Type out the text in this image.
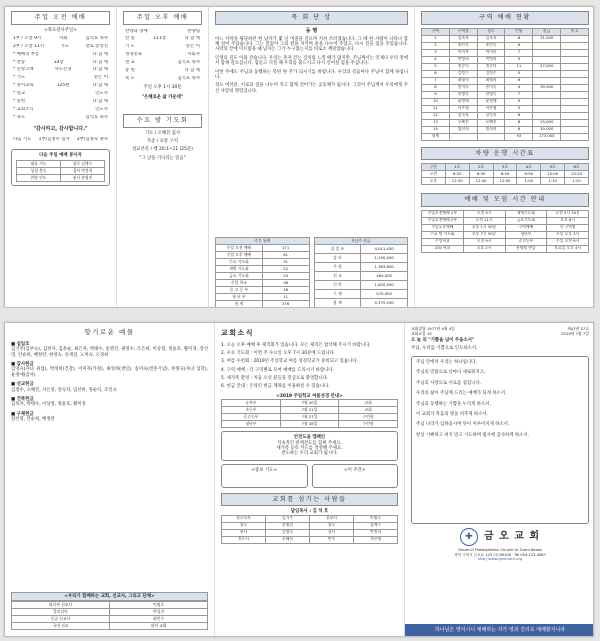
주일 오전 예배
<목요강사주일>
1부 / 오전 9시	사회	김석호 목사
2부 / 오전 11시	기도	장로 송영진
* 예배의 부름	다 함 께
* 찬송	33장	다 함 께
* 신앙고백	사도신경	다 함 께
* 기도	맡은 이
* 성시교독	125편	다 함 께
* 설교	인도자
* 봉헌	다 함 께
* 교회소식	인도자
* 축도	김석호 목사
"감사하고, 감사합니다."
다음 기도 1부/김정수 집사 2부/김명숙 권사
다음 주일 예배 봉사자
대표 기도	장로 김예수
성경 봉독	집사 박정희
찬양 인도	권사 송영진
주일 오후 예배
찬양과 경배	찬양팀
찬 송	111장	다 함 께
기 도	맡은 이
성경봉독	사회자
설 교	김석호 목사
봉 헌	다 함 께
축 도	김석호 목사
주일 오후 1시 30분
"은혜로운 삶 가운데"
수요 밤 기도회
기도 / 오혜진 집사
특송 / 보통 구역
설교본문 / 행 20:1~11 (25분)
"그 날을 기다리는 믿음"
목 회 단 상
동 행

어느 사막을 횡단하던 한 남자가 몇 날 며칠을 걸으며 지쳐 쓰러졌습니다. 그 때 한 사람이 나타나 함께 걸어 주었습니다. 그는 말없이 그의 곁을 지키며 물을 나누어 주었고, 다시 걸을 힘을 주었습니다. 사막의 끝에 이르렀을 때 남자는 그가 누구였는지를 비로소 깨달았습니다.

인생의 길도 이와 같습니다. 우리는 혼자 걷는 것처럼 느낄 때가 많지만, 주님께서는 언제나 우리 곁에서 함께 걸으십니다. 힘들고 지칠 때 우리를 붙드시고 다시 일어설 힘을 주십니다.

이번 주에도 주님과 동행하는 복된 한 주가 되시기를 바랍니다. 우리의 걸음마다 주님이 함께 하십니다.

성도 여러분, 서로의 짐을 나누어 지고 함께 걸어가는 공동체가 됩시다. 그것이 주님께서 우리에게 주신 사랑의 명령입니다.

주간 통계	
주일 오전 예배	171
주일 오후 예배	61
수요 기도회	31
새벽 기도회	22
금요 기도회	24
주일 학교	38
중 고 등 부	18
청 년 부	11
합 계	376
지난주 헌금	
십 일 조	4,011,430
감 사	1,150,000
주 정	1,363,600
선 교	460,000
건 축	1,820,000
구 제	570,000
합 계	9,375,030
구역 예배 현황
구역	구역장	장소	인원	헌금	비고
1	김옥자	김옥자	8	31,000	
2	조인숙	조인숙	6		
3	이미자	이미자	7		
4	박정희	박정희	5		
5	정순덕	정순덕	11	57,000	
6	김정수	김정수	5		
7	최영희	최영희	6		
8	송미숙	송미숙	4	30,000	
9	한명숙	한명숙	7		
10	윤정애	윤정애	9		
11	서은영	서은영	5		
12	강숙자	강숙자	6		
13	오혜진	오혜진	8	25,000	
14	임선희	임선희	6	30,000	
합계			93	173,000	
차량 운행 시간표
구분	1호	2호	3호	4호	5호	6호
오전	8:20	8:30	8:40	9:50	10:00	10:20
오후	12:30	12:40	12:50	1:00	1:10	1:20
예배 및 모임 시간 안내
주일오전예배 1부	오전 9시	새벽기도회	오전 5시 30분
주일오전예배 2부	오전 11시	금요기도회	오후 8시
주일오후예배	오후 1시 30분	구역예배	각 구역별
수요 밤 기도회	오후 7시 30분	청년부	주일 오후 3시
주일학교	오전 9시	중고등부	주일 오전 9시
교회 학교	오후 2시	찬양팀 연습	토요일 오후 4시
향기로운 예물
■ 십일조

김기주(김부숙), 김정자, 김옥순, 최은자, 박태수, 송명진, 권영수, 조은희, 이상철, 정윤호, 황미경, 장선영, 안순희, 배정란, 한영숙, 유재길, 노미숙, 오경희

■ 감사헌금

김영숙(자녀 취업), 박정희(건강), 이미자(가정), 최영희(생일), 송미숙(결혼기념), 한명숙(자녀 입학), 윤정애(감사)

■ 선교헌금

김정수, 오혜진, 서은영, 강숙자, 임선희, 정순덕, 조인숙

■ 건축헌금

김옥자, 박태수, 이상철, 정윤호, 황미경

■ 구제헌금

장선영, 안순희, 배정란

<우리가 함께하는 교회, 선교사, 그리고 단체>
필리핀 선교사	이영호
캄보디아	박성진
몽골 선교사	최민수
국내 선교	협력 교회
교회소식
1. 오늘 오후 예배 후 제직회가 있습니다. 모든 제직은 참석해 주시기 바랍니다.
2. 수요 기도회 : 이번 주 수요일 오후 7시 30분에 드립니다.
3. 여름 수련회 : 2019년 주일학교 여름 성경학교가 준비되고 있습니다.
4. 구역 예배 : 각 구역별로 모여 예배를 드리시기 바랍니다.
5. 새가족 환영 : 처음 오신 분들을 진심으로 환영합니다.
6. 헌금 안내 : 온라인 헌금 계좌를 이용하실 수 있습니다.
<2019 주일학교 여름성경 안내>
유치부	7월 20일	교회
초등부	7월 21일	교회
중고등부	7월 27일	수련원
청년부	7월 28일	수련원
안전도움 캠페인
지속적인 관계전도를 힘써 주세요.
새가족 등록 카드를 작성해 주세요.
전도하는 우리 교회가 됩시다.
<중보 기도>	<이 주간>
교회를 섬기는 사람들
담임목사 : 김 석 호
원로목사	김기주	선교사	이영호
장로	송영진	장로	김예수
권사	김명숙	집사	박정희
전도사	오혜진	반주	서은영
교회창립 1977년 4월 4일
교회요람 10
제47권 27호
2019년 7월 7일
오 늘 의 "기쁨을 넘어 주옵소서"
주님, 우리를 기쁨으로 인도하소서.
주님 안에서 우리는 하나입니다.
주님의 말씀으로 날마다 새로워지고,
주님의 사랑으로 서로를 섬깁니다.
우리의 삶이 주님께 드리는 예배가 되게 하소서.
주님과 동행하는 기쁨을 누리게 하소서.
이 교회가 복음의 빛을 비추게 하소서.
주님 나라가 임하옵시며 뜻이 이루어지게 하소서.
항상 기뻐하고 쉬지 말고 기도하며 범사에 감사하게 하소서.
✚	금 오 교 회
Geum-O Presbyterian Church in Gumi Korea
경북 구미시 금오로 123 (우)39100 · Tel 054-123-4567
http://www.geumoch.org
하나님은 영이시니 예배하는 자가 영과 진리로 예배할지니라
